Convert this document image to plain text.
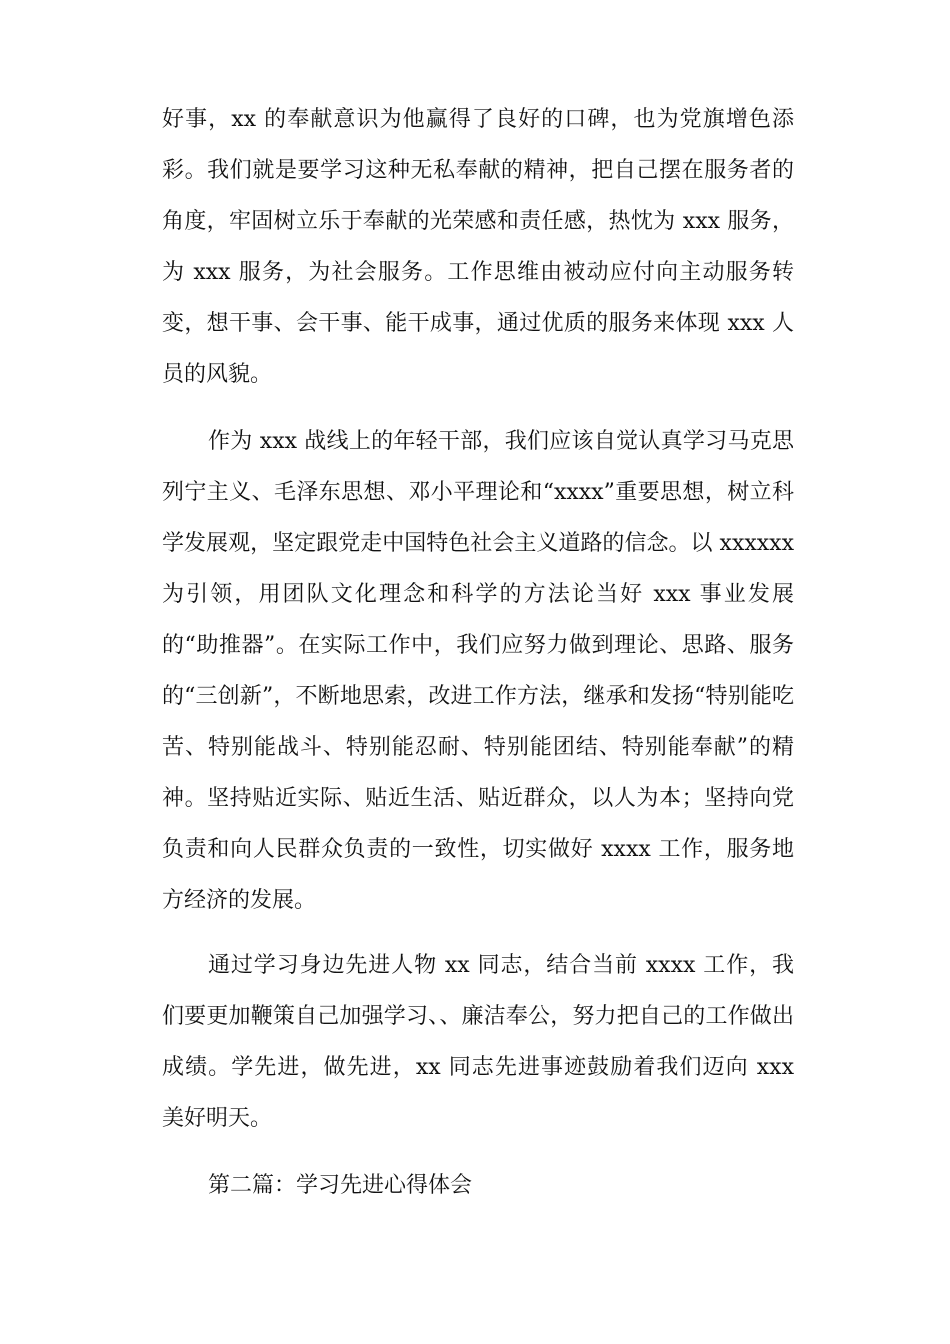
好事，xx 的奉献意识为他赢得了良好的口碑，也为党旗增色添彩。我们就是要学习这种无私奉献的精神，把自己摆在服务者的角度，牢固树立乐于奉献的光荣感和责任感，热忱为 xxx 服务，为 xxx 服务，为社会服务。工作思维由被动应付向主动服务转变，想干事、会干事、能干成事，通过优质的服务来体现 xxx 人员的风貌。

作为 xxx 战线上的年轻干部，我们应该自觉认真学习马克思列宁主义、毛泽东思想、邓小平理论和“xxxx”重要思想，树立科学发展观，坚定跟党走中国特色社会主义道路的信念。以 xxxxxx 为引领，用团队文化理念和科学的方法论当好 xxx 事业发展的“助推器”。在实际工作中，我们应努力做到理论、思路、服务的“三创新”，不断地思索，改进工作方法，继承和发扬“特别能吃苦、特别能战斗、特别能忍耐、特别能团结、特别能奉献”的精神。坚持贴近实际、贴近生活、贴近群众，以人为本；坚持向党负责和向人民群众负责的一致性，切实做好 xxxx 工作，服务地方经济的发展。

通过学习身边先进人物 xx 同志，结合当前 xxxx 工作，我们要更加鞭策自己加强学习、、廉洁奉公，努力把自己的工作做出成绩。学先进，做先进，xx 同志先进事迹鼓励着我们迈向 xxx 美好明天。

第二篇：学习先进心得体会
